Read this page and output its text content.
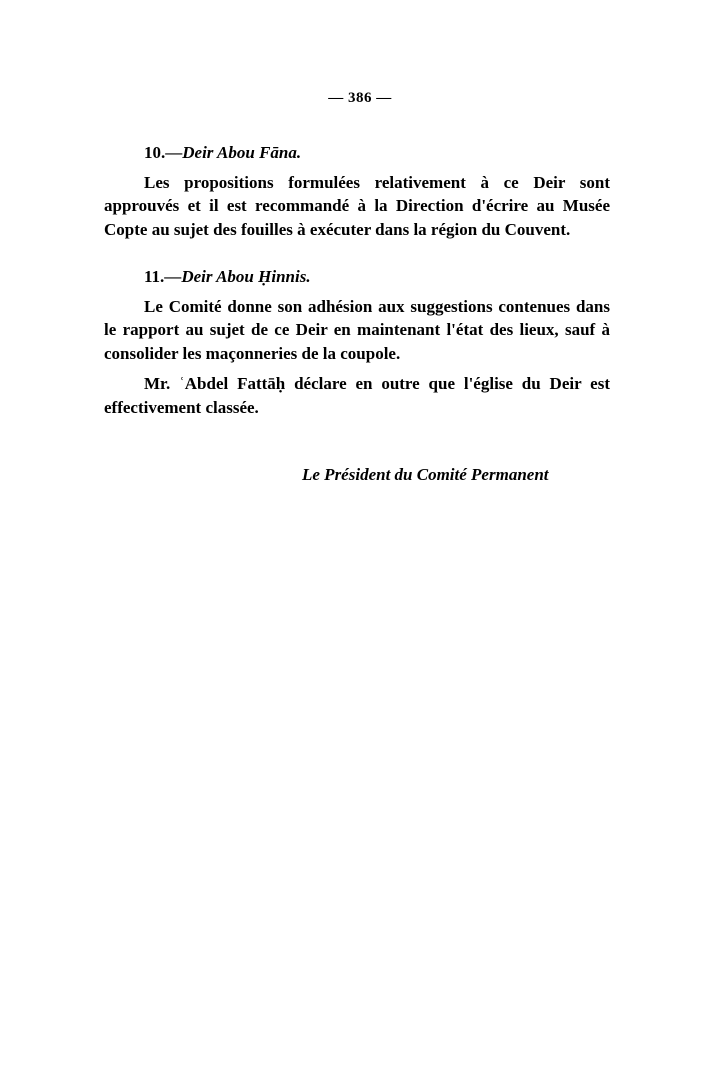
— 386 —
10.—Deir Abou Fāna.

Les propositions formulées relativement à ce Deir sont approuvés et il est recommandé à la Direction d'écrire au Musée Copte au sujet des fouilles à exécuter dans la région du Couvent.

11.—Deir Abou Ḥinnis.

Le Comité donne son adhésion aux suggestions contenues dans le rapport au sujet de ce Deir en maintenant l'état des lieux, sauf à consolider les maçonneries de la coupole.

Mr. ʿAbdel Fattāḥ déclare en outre que l'église du Deir est effectivement classée.

Le Président du Comité Permanent
